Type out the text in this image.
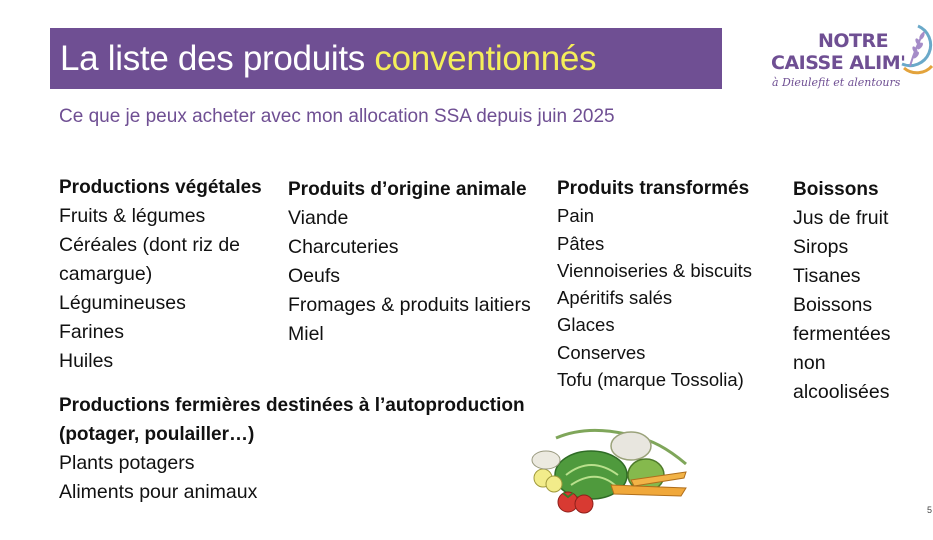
La liste des produits conventionnés	NOTRE
CAISSE ALIM'
à Dieulefit et alentours
Ce que je peux acheter avec mon allocation SSA depuis juin 2025
Productions végétales
Fruits & légumes
Céréales (dont riz de
camargue)
Légumineuses
Farines
Huiles
Produits d’origine animale
Viande
Charcuteries
Oeufs
Fromages & produits laitiers
Miel
Produits transformés
Pain
Pâtes
Viennoiseries & biscuits
Apéritifs salés
Glaces
Conserves
Tofu (marque Tossolia)
Boissons
Jus de fruit
Sirops
Tisanes
Boissons
fermentées
non
alcoolisées
Productions fermières destinées à l’autoproduction
(potager, poulailler…)
Plants potagers
Aliments pour animaux
5
